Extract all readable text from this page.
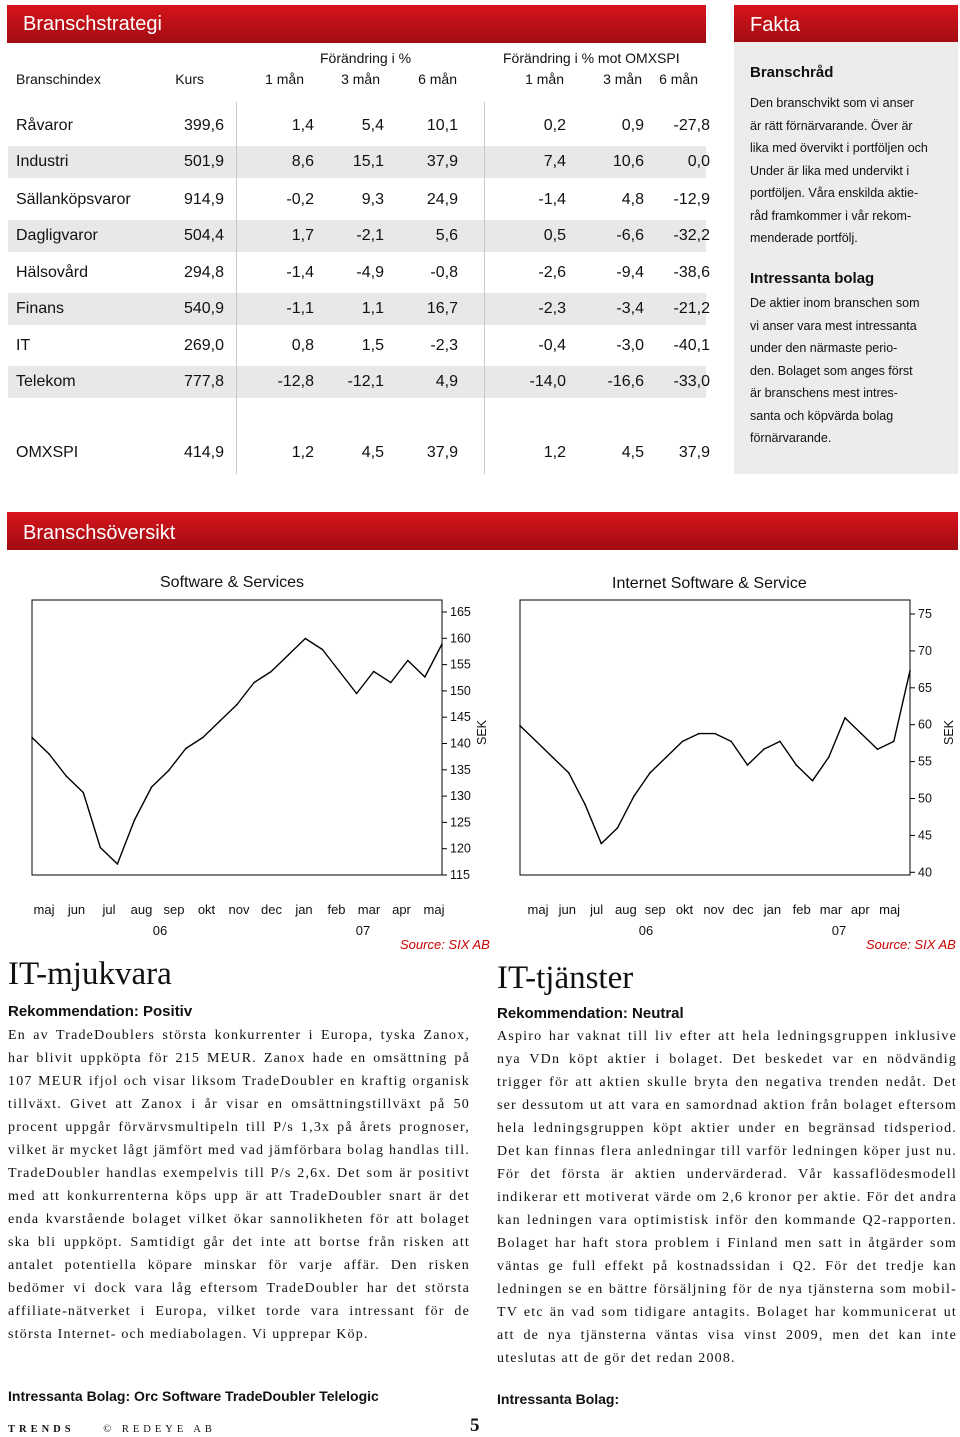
Branschstrategi	Fakta
Branschsöversikt
Förändring i %	Förändring i % mot OMXSPI
Branschindex	Kurs	1 mån	3 mån	6 mån	1 mån	3 mån	6 mån
Råvaror	399,6	1,4	5,4	10,1	0,2	0,9	-27,8
Industri	501,9	8,6	15,1	37,9	7,4	10,6	0,0
Sällanköpsvaror	914,9	-0,2	9,3	24,9	-1,4	4,8	-12,9
Dagligvaror	504,4	1,7	-2,1	5,6	0,5	-6,6	-32,2
Hälsovård	294,8	-1,4	-4,9	-0,8	-2,6	-9,4	-38,6
Finans	540,9	-1,1	1,1	16,7	-2,3	-3,4	-21,2
IT	269,0	0,8	1,5	-2,3	-0,4	-3,0	-40,1
Telekom	777,8	-12,8	-12,1	4,9	-14,0	-16,6	-33,0
OMXSPI	414,9	1,2	4,5	37,9	1,2	4,5	37,9
Branschråd
Den branschvikt som vi anser
är rätt förnärvarande. Över är
lika med övervikt i portföljen och
Under är lika med undervikt i
portföljen. Våra enskilda aktie-
råd framkommer i vår rekom-
menderade portfölj.
Intressanta bolag
De aktier inom branschen som
vi anser vara mest intressanta
under den närmaste perio-
den. Bolaget som anges först
är branschens mest intres-
santa och köpvärda bolag
förnärvarande.
Software & Services	Internet Software & Service
165
160
155
150
145
140
135
130
125
120
115
SEK
maj jun jul aug sep okt nov dec jan feb mar apr maj
06	07
75
70
65
60
55
50
45
40
SEK
maj jun jul aug sep okt nov dec jan feb mar apr maj
06	07
Source: SIX AB	Source: SIX AB
IT-mjukvara
Rekommendation: Positiv
En av TradeDoublers största konkurrenter i Europa, tyska Zanox, har blivit uppköpta för 215 MEUR. Zanox hade en omsättning på 107 MEUR ifjol och visar liksom TradeDoubler en kraftig organisk tillväxt. Givet att Zanox i år visar en omsättningstillväxt på 50 procent uppgår förvärvsmultipeln till P/s 1,3x på årets prognoser, vilket är mycket lågt jämfört med vad jämförbara bolag handlas till. TradeDoubler handlas exempelvis till P/s 2,6x. Det som är positivt med att konkurrenterna köps upp är att TradeDoubler snart är det enda kvarstående bolaget vilket ökar sannolikheten för att bolaget ska bli uppköpt. Samtidigt går det inte att bortse från risken att antalet potentiella köpare minskar för varje affär. Den risken bedömer vi dock vara låg eftersom TradeDoubler har det största affiliate-nätverket i Europa, vilket torde vara intressant för de största Internet- och mediabolagen. Vi upprepar Köp.
Intressanta Bolag: Orc Software TradeDoubler Telelogic
IT-tjänster
Rekommendation: Neutral
Aspiro har vaknat till liv efter att hela ledningsgruppen inklusive nya VDn köpt aktier i bolaget. Det beskedet var en nödvändig trigger för att aktien skulle bryta den negativa trenden nedåt. Det ser dessutom ut att vara en samordnad aktion från bolaget eftersom hela ledningsgruppen köpt aktier under en begränsad tidsperiod. Det kan finnas flera anledningar till varför ledningen köper just nu. För det första är aktien undervärderad. Vår kassaflödesmodell indikerar ett motiverat värde om 2,6 kronor per aktie. För det andra kan ledningen vara optimistisk inför den kommande Q2-rapporten. Bolaget har haft stora problem i Finland men satt in åtgärder som väntas ge full effekt på kostnadssidan i Q2. För det tredje kan ledningen se en bättre försäljning för de nya tjänsterna som mobil-TV etc än vad som tidigare antagits. Bolaget har kommunicerat ut att de nya tjänsterna väntas visa vinst 2009, men det kan inte uteslutas att de gör det redan 2008.
Intressanta Bolag:
TRENDS	© REDEYE AB	5
